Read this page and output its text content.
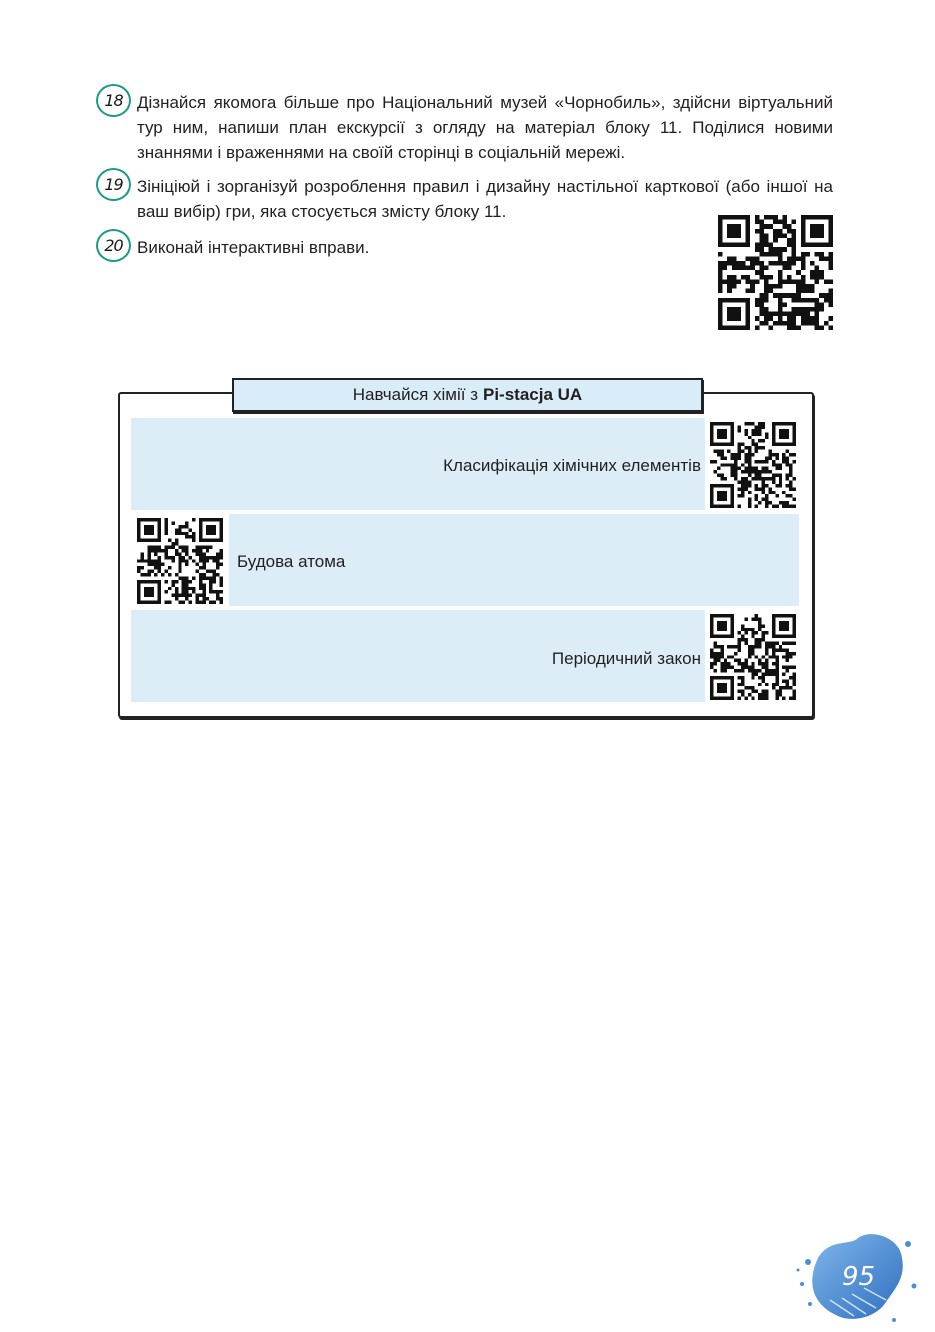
18 Дізнайся якомога більше про Національний музей «Чорнобиль», здійсни віртуальний тур ним, напиши план екскурсії з огляду на матеріал блоку 11. Поділися новими знаннями і враженнями на своїй сторінці в соціальній мережі.
19 Зініціюй і зорганізуй розроблення правил і дизайну настільної карткової (або іншої на ваш вибір) гри, яка стосується змісту блоку 11.
20 Виконай інтерактивні вправи.
Навчайся хімії з Pi-stacja UA
Класифікація хімічних елементів
Будова атома
Періодичний закон
95
